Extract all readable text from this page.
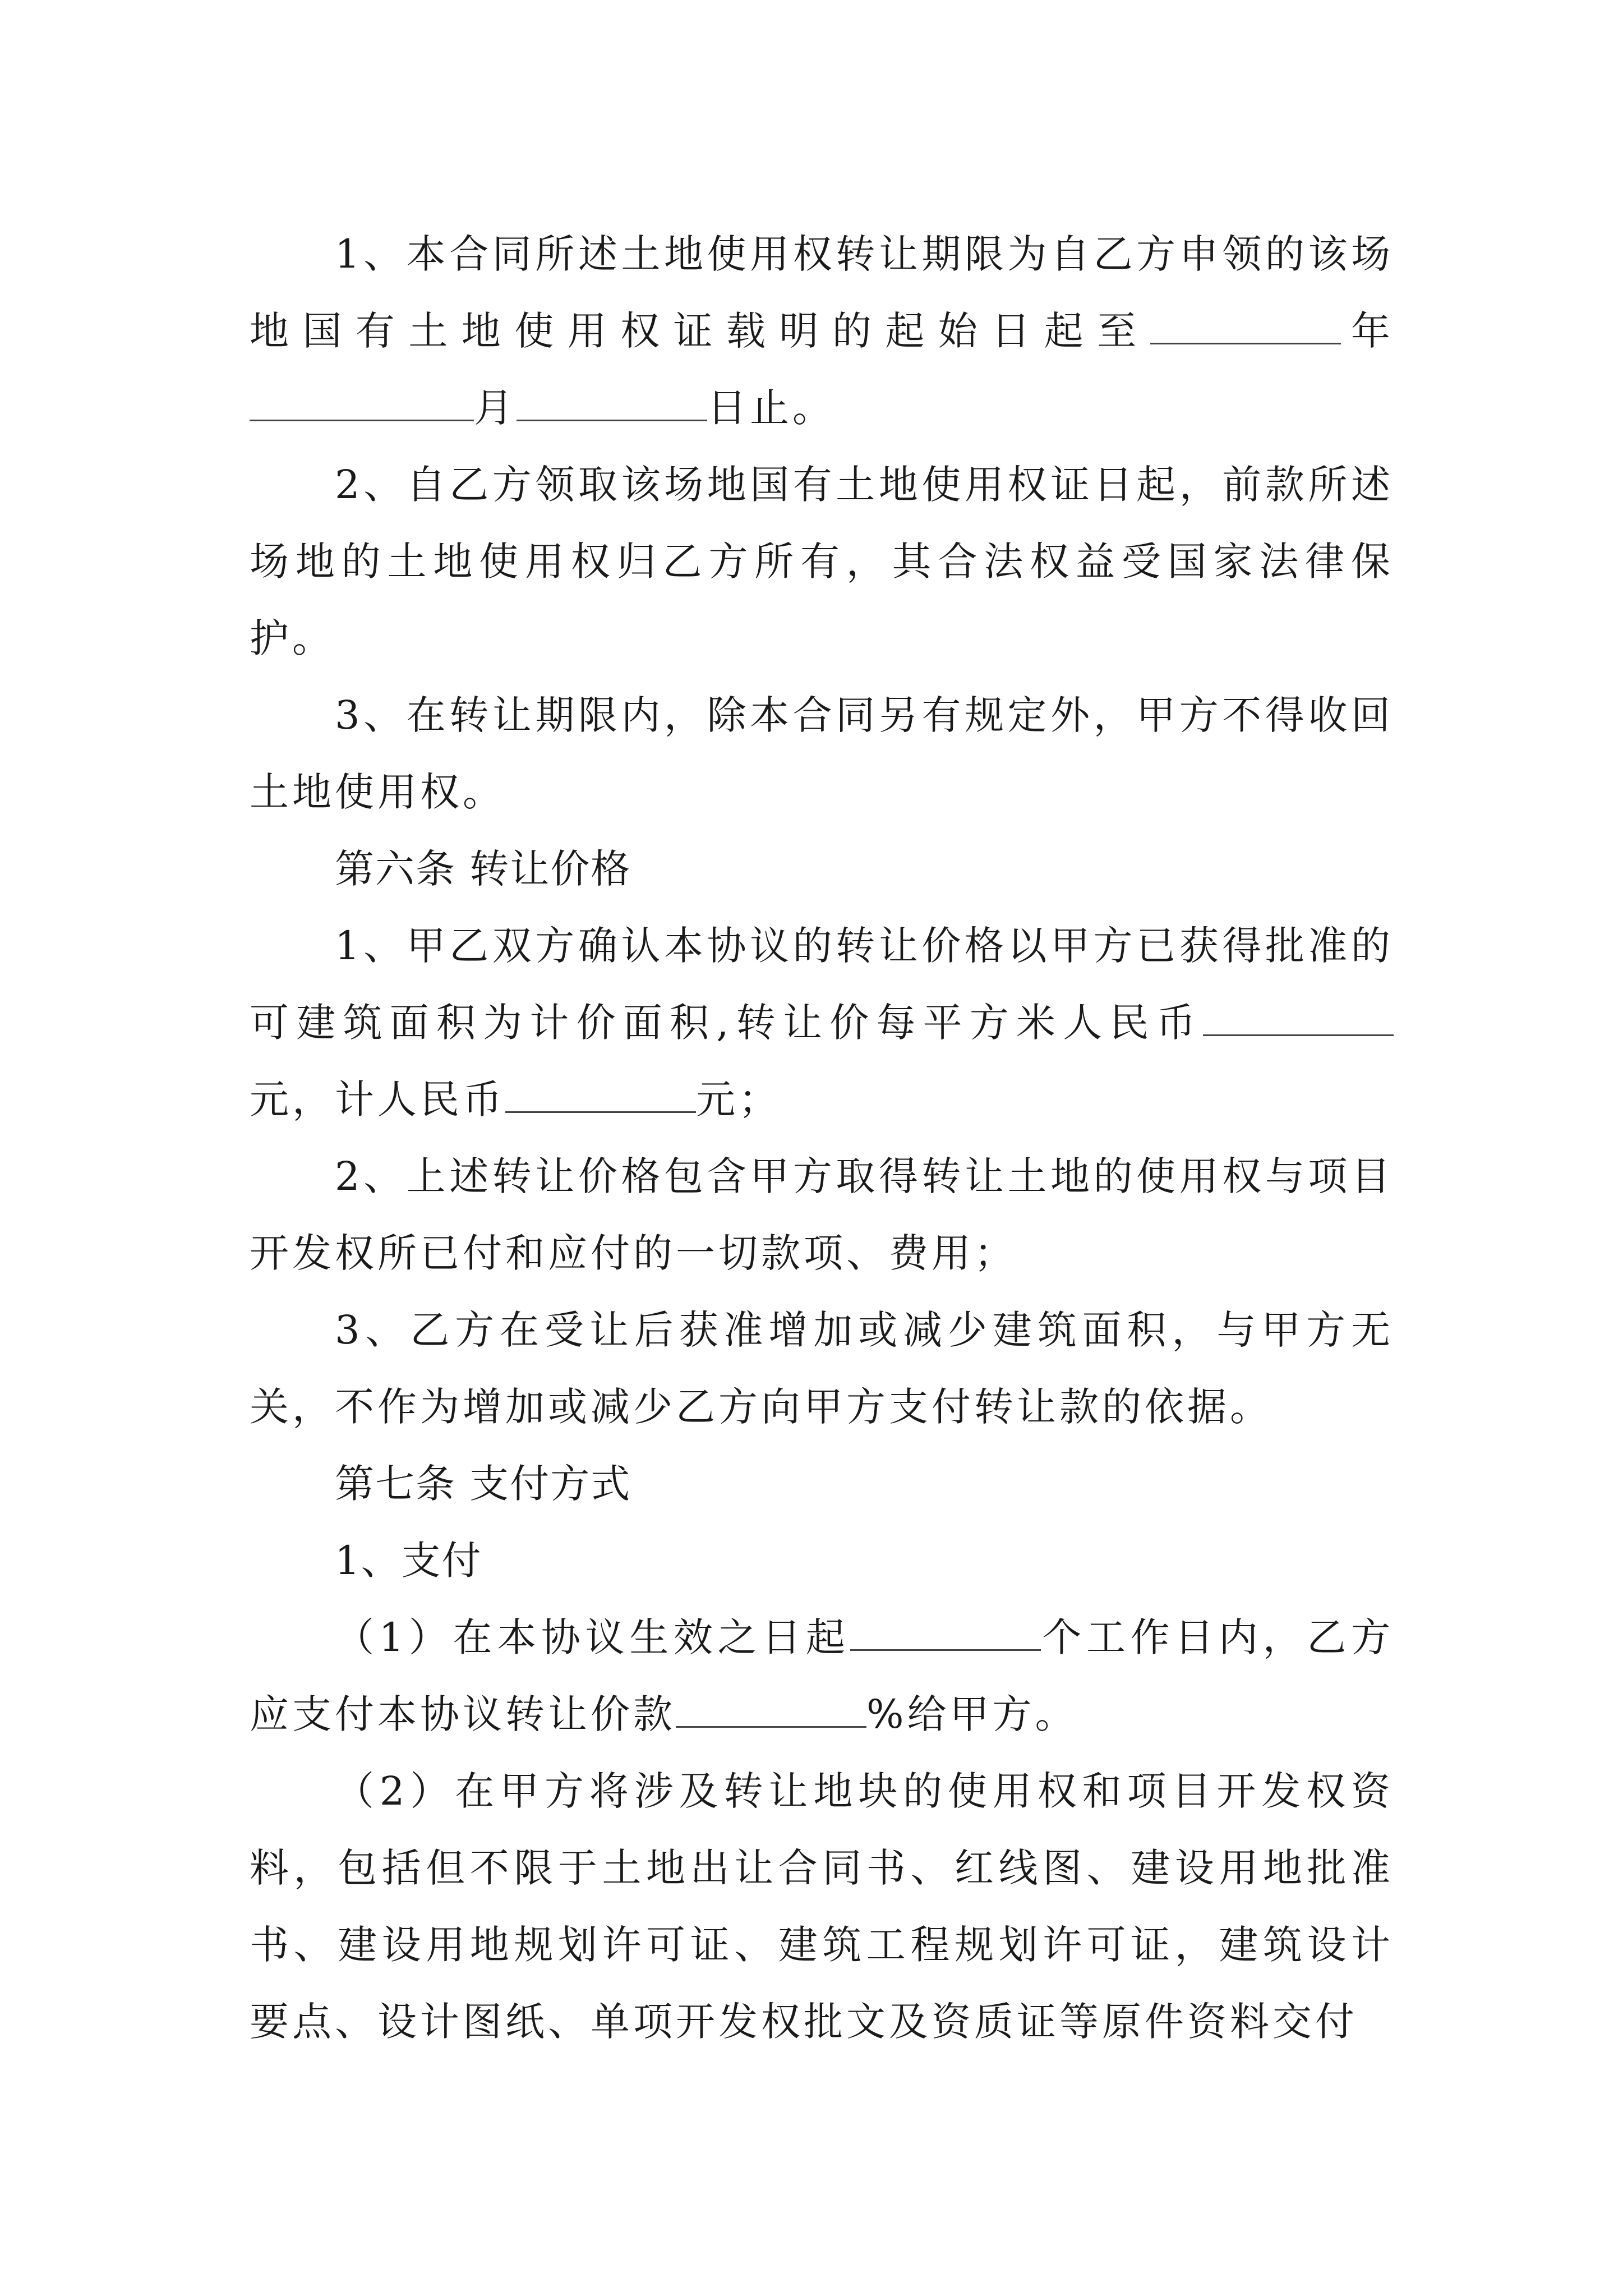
1、本合同所述土地使用权转让期限为自乙方申领的该场地国有土地使用权证载明的起始日起至	年月	日止。

2、自乙方领取该场地国有土地使用权证日起，前款所述场地的土地使用权归乙方所有，其合法权益受国家法律保护。

3、在转让期限内，除本合同另有规定外，甲方不得收回土地使用权。

第六条 转让价格

1、甲乙双方确认本协议的转让价格以甲方已获得批准的可建筑面积为计价面积,转让价每平方米人民币元，计人民币	元；

2、上述转让价格包含甲方取得转让土地的使用权与项目开发权所已付和应付的一切款项、费用；

3、乙方在受让后获准增加或减少建筑面积，与甲方无关，不作为增加或减少乙方向甲方支付转让款的依据。

第七条 支付方式

1、支付

（1）在本协议生效之日起	个工作日内，乙方应支付本协议转让价款	%给甲方。

（2）在甲方将涉及转让地块的使用权和项目开发权资料，包括但不限于土地出让合同书、红线图、建设用地批准书、建设用地规划许可证、建筑工程规划许可证，建筑设计要点、设计图纸、单项开发权批文及资质证等原件资料交付
